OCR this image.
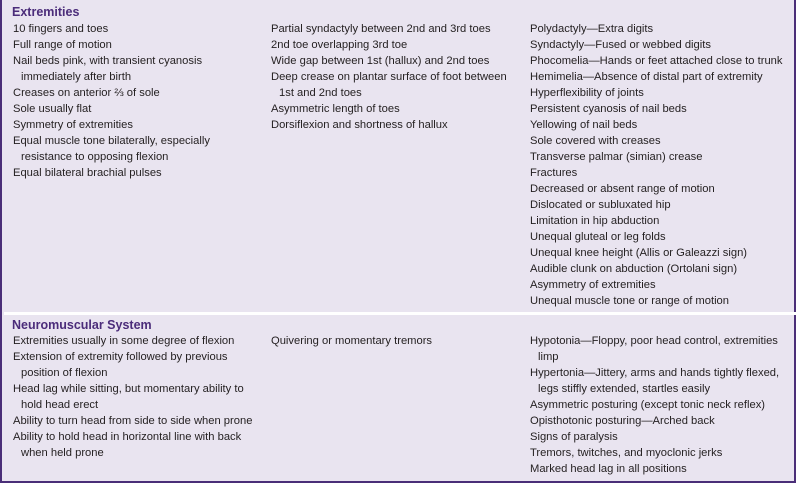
Extremities
10 fingers and toes
Full range of motion
Nail beds pink, with transient cyanosis immediately after birth
Creases on anterior ⅔ of sole
Sole usually flat
Symmetry of extremities
Equal muscle tone bilaterally, especially resistance to opposing flexion
Equal bilateral brachial pulses
Partial syndactyly between 2nd and 3rd toes
2nd toe overlapping 3rd toe
Wide gap between 1st (hallux) and 2nd toes
Deep crease on plantar surface of foot between 1st and 2nd toes
Asymmetric length of toes
Dorsiflexion and shortness of hallux
Polydactyly—Extra digits
Syndactyly—Fused or webbed digits
Phocomelia—Hands or feet attached close to trunk
Hemimelia—Absence of distal part of extremity
Hyperflexibility of joints
Persistent cyanosis of nail beds
Yellowing of nail beds
Sole covered with creases
Transverse palmar (simian) crease
Fractures
Decreased or absent range of motion
Dislocated or subluxated hip
Limitation in hip abduction
Unequal gluteal or leg folds
Unequal knee height (Allis or Galeazzi sign)
Audible clunk on abduction (Ortolani sign)
Asymmetry of extremities
Unequal muscle tone or range of motion
Neuromuscular System
Extremities usually in some degree of flexion
Extension of extremity followed by previous position of flexion
Head lag while sitting, but momentary ability to hold head erect
Ability to turn head from side to side when prone
Ability to hold head in horizontal line with back when held prone
Quivering or momentary tremors	Hypotonia—Floppy, poor head control, extremities limp
Hypertonia—Jittery, arms and hands tightly flexed, legs stiffly extended, startles easily
Asymmetric posturing (except tonic neck reflex)
Opisthotonic posturing—Arched back
Signs of paralysis
Tremors, twitches, and myoclonic jerks
Marked head lag in all positions
